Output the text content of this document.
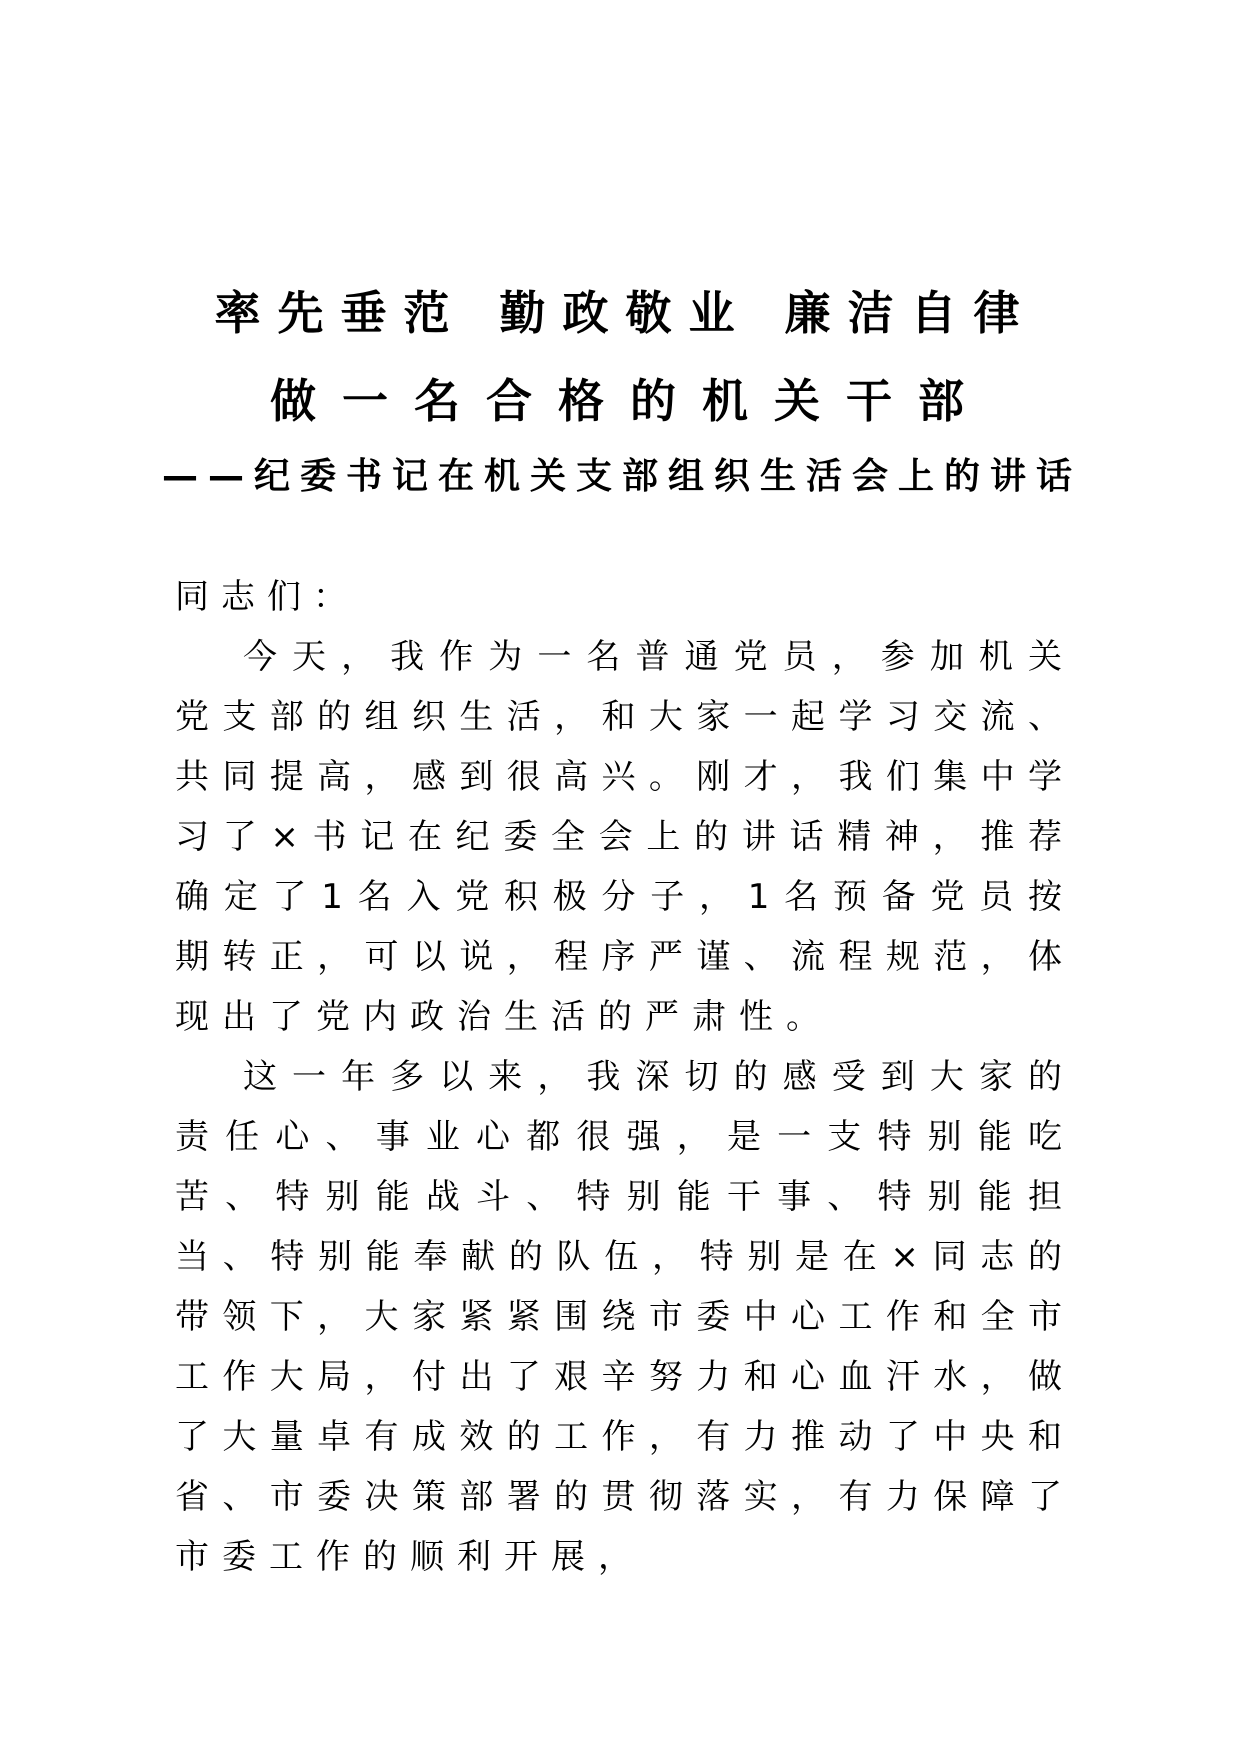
率先垂范 勤政敬业 廉洁自律
做一名合格的机关干部
——纪委书记在机关支部组织生活会上的讲话

同志们：

今天，我作为一名普通党员，参加机关党支部的组织生活，和大家一起学习交流、共同提高，感到很高兴。刚才，我们集中学习了×书记在纪委全会上的讲话精神，推荐确定了1名入党积极分子，1名预备党员按期转正，可以说，程序严谨、流程规范，体现出了党内政治生活的严肃性。

这一年多以来，我深切的感受到大家的责任心、事业心都很强，是一支特别能吃苦、特别能战斗、特别能干事、特别能担当、特别能奉献的队伍，特别是在×同志的带领下，大家紧紧围绕市委中心工作和全市工作大局，付出了艰辛努力和心血汗水，做了大量卓有成效的工作，有力推动了中央和省、市委决策部署的贯彻落实，有力保障了市委工作的顺利开展，
